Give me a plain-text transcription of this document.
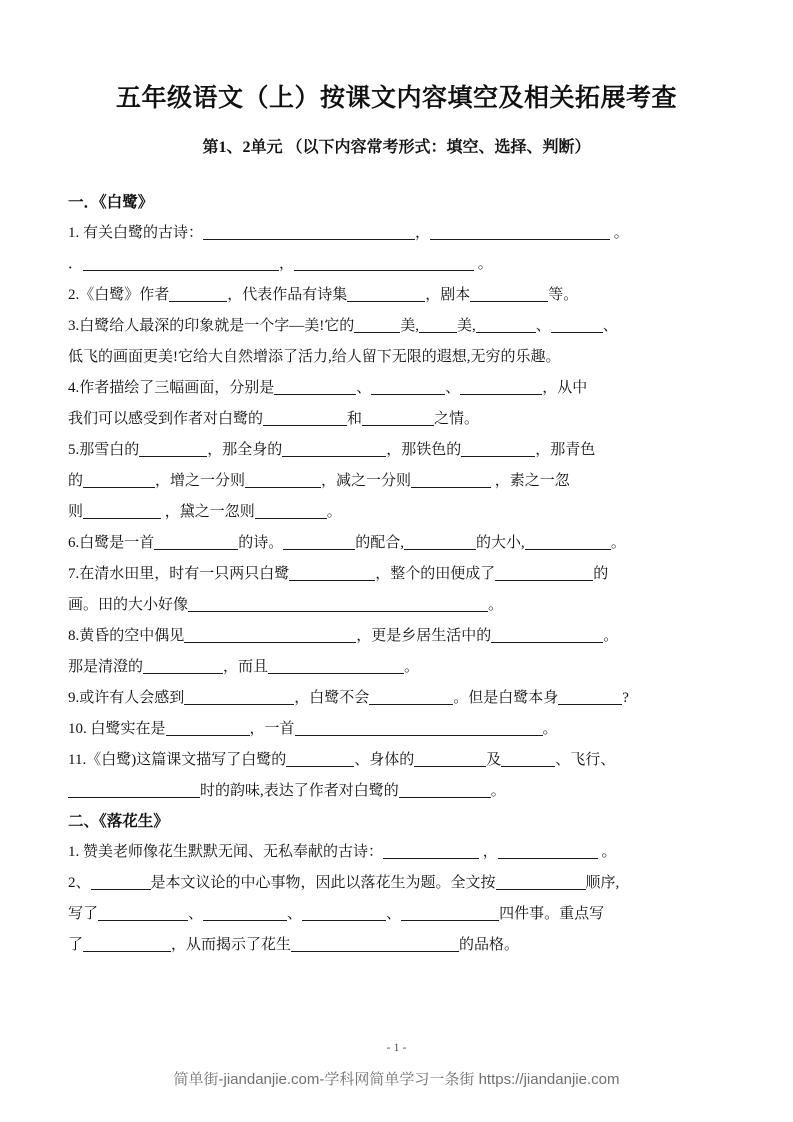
五年级语文（上）按课文内容填空及相关拓展考查
第1、2单元 （以下内容常考形式：填空、选择、判断）
一．《白鹭》
1. 有关白鹭的古诗：	，	。
．	，	。
2.《白鹭》作者	，代表作品有诗集	，剧本	等。
3.白鹭给人最深的印象就是一个字—美!它的	美,	美,	、	、
低飞的画面更美!它给大自然增添了活力,给人留下无限的遐想,无穷的乐趣。
4.作者描绘了三幅画面，分别是	、	、	，从中
我们可以感受到作者对白鹭的	和	之情。
5.那雪白的	，那全身的	，那铁色的	，那青色
的	，增之一分则	，减之一分则	，素之一忽
则	，黛之一忽则	。
6.白鹭是一首	的诗。	的配合,	的大小,	。
7.在清水田里，时有一只两只白鹭	，整个的田便成了	的
画。田的大小好像	。
8.黄昏的空中偶见	，更是乡居生活中的	。
那是清澄的	，而且	。
9.或许有人会感到	，白鹭不会	。但是白鹭本身	?
10. 白鹭实在是	，一首	。
11.《白鹭)这篇课文描写了白鹭的	、身体的	及	、飞行、
时的韵味,表达了作者对白鹭的	。
二、《落花生》
1. 赞美老师像花生默默无闻、无私奉献的古诗：	，	。
2、	是本文议论的中心事物，因此以落花生为题。全文按	顺序,
写了	、	、	、	四件事。重点写
了	，从而揭示了花生	的品格。
- 1 -
简单街-jiandanjie.com-学科网简单学习一条街 https://jiandanjie.com
